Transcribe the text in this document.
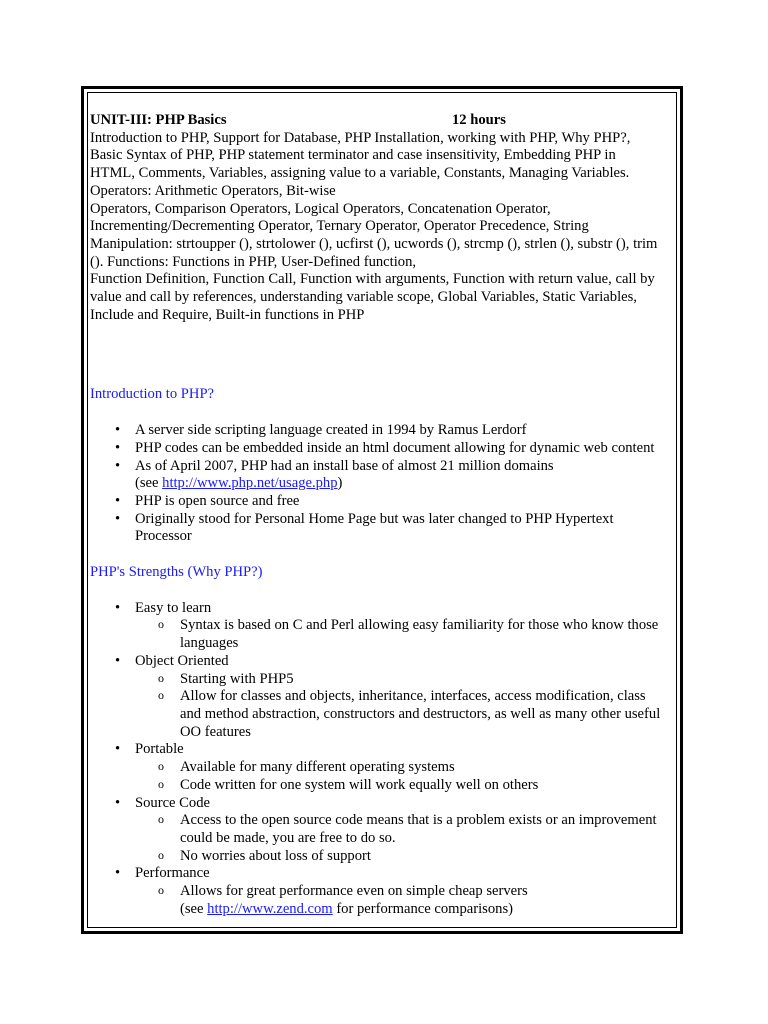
UNIT-III: PHP Basics	12 hours
Introduction to PHP, Support for Database, PHP Installation, working with PHP, Why PHP?,
Basic Syntax of PHP, PHP statement terminator and case insensitivity, Embedding PHP in
HTML, Comments, Variables, assigning value to a variable, Constants, Managing Variables.
Operators: Arithmetic Operators, Bit-wise
Operators, Comparison Operators, Logical Operators, Concatenation Operator,
Incrementing/Decrementing Operator, Ternary Operator, Operator Precedence, String
Manipulation: strtoupper (), strtolower (), ucfirst (), ucwords (), strcmp (), strlen (), substr (), trim
(). Functions: Functions in PHP, User-Defined function,
Function Definition, Function Call, Function with arguments, Function with return value, call by
value and call by references, understanding variable scope, Global Variables, Static Variables,
Include and Require, Built-in functions in PHP
Introduction to PHP?
• A server side scripting language created in 1994 by Ramus Lerdorf
• PHP codes can be embedded inside an html document allowing for dynamic web content
• As of April 2007, PHP had an install base of almost 21 million domains
(see http://www.php.net/usage.php)
• PHP is open source and free
• Originally stood for Personal Home Page but was later changed to PHP Hypertext
Processor
PHP's Strengths (Why PHP?)
• Easy to learn
o Syntax is based on C and Perl allowing easy familiarity for those who know those
languages
• Object Oriented
o Starting with PHP5
o Allow for classes and objects, inheritance, interfaces, access modification, class
and method abstraction, constructors and destructors, as well as many other useful
OO features
• Portable
o Available for many different operating systems
o Code written for one system will work equally well on others
• Source Code
o Access to the open source code means that is a problem exists or an improvement
could be made, you are free to do so.
o No worries about loss of support
• Performance
o Allows for great performance even on simple cheap servers
(see http://www.zend.com for performance comparisons)
